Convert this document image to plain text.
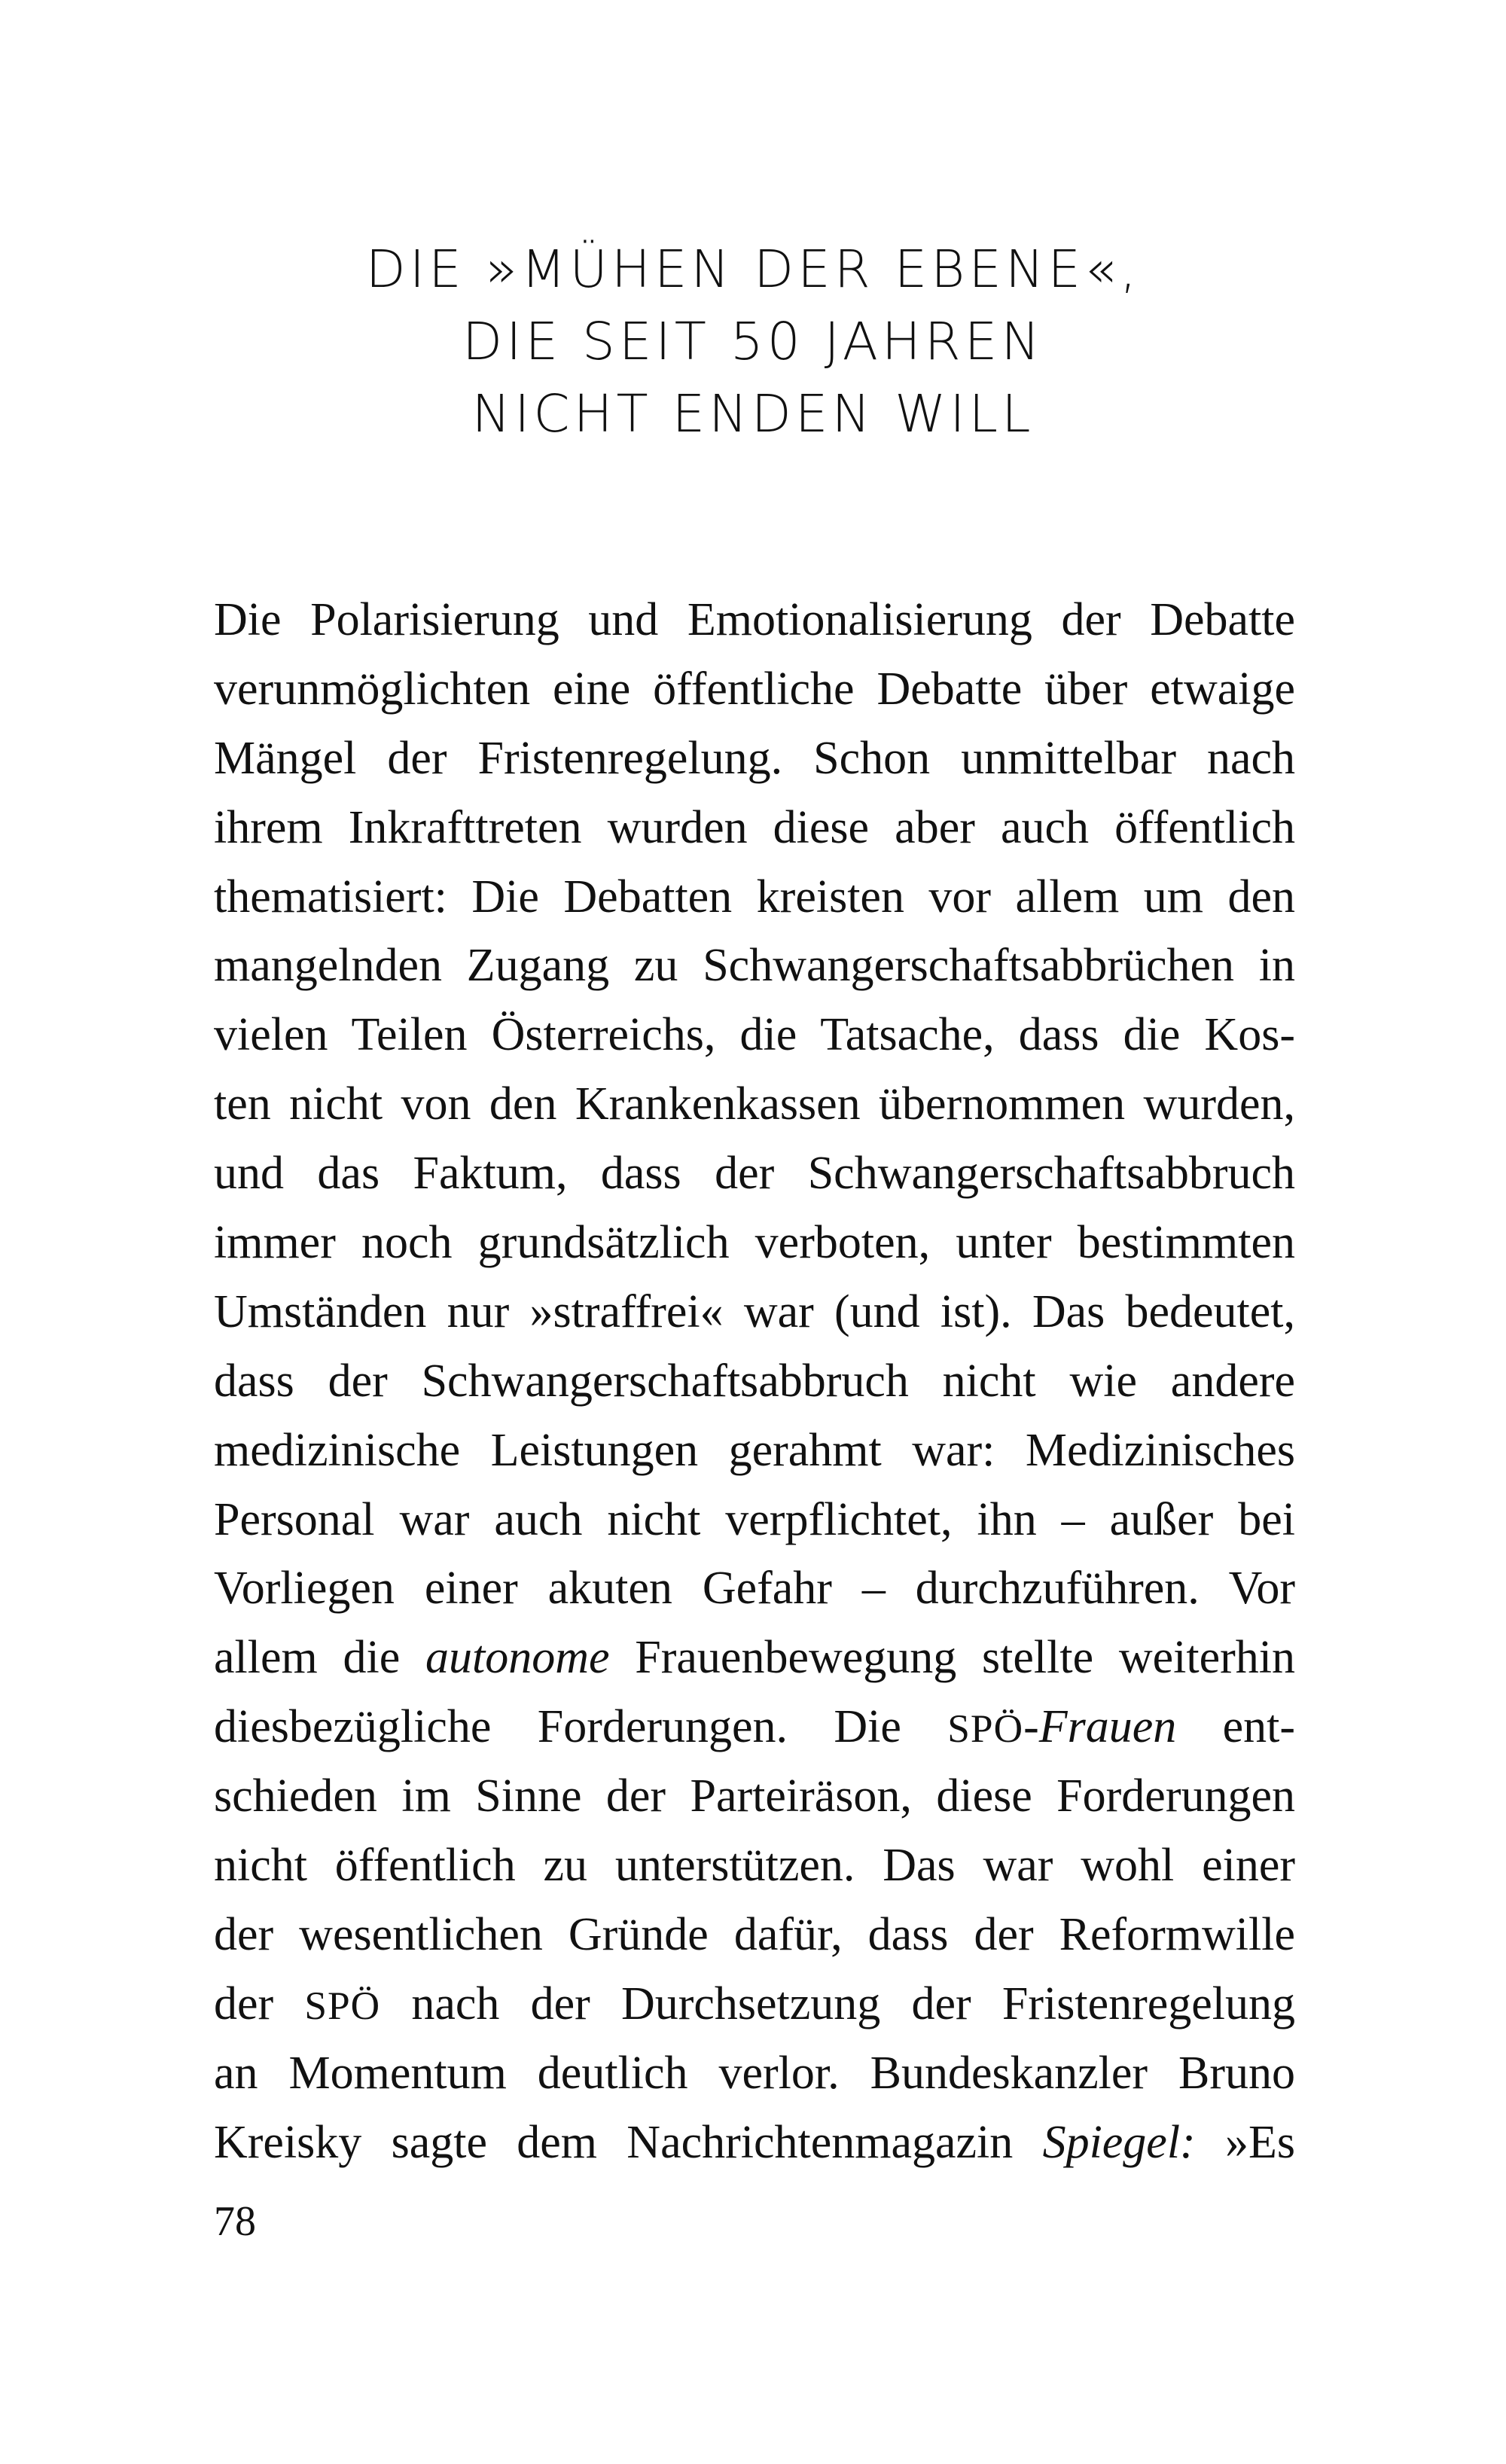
DIE »MÜHEN DER EBENE«,
DIE SEIT 50 JAHREN
NICHT ENDEN WILL
Die Polarisierung und Emotionalisierung der Debatte
verunmöglichten eine öffentliche Debatte über etwaige
Mängel der Fristenregelung. Schon unmittelbar nach
ihrem Inkrafttreten wurden diese aber auch öffentlich
thematisiert: Die Debatten kreisten vor allem um den
mangelnden Zugang zu Schwangerschaftsabbrüchen in
vielen Teilen Österreichs, die Tatsache, dass die Kos-
ten nicht von den Krankenkassen übernommen wurden,
und das Faktum, dass der Schwangerschaftsabbruch
immer noch grundsätzlich verboten, unter bestimmten
Umständen nur »straffrei« war (und ist). Das bedeutet,
dass der Schwangerschaftsabbruch nicht wie andere
medizinische Leistungen gerahmt war: Medizinisches
Personal war auch nicht verpflichtet, ihn – außer bei
Vorliegen einer akuten Gefahr – durchzuführen. Vor
allem die autonome Frauenbewegung stellte weiterhin
diesbezügliche Forderungen. Die SPÖ-Frauen ent-
schieden im Sinne der Parteiräson, diese Forderungen
nicht öffentlich zu unterstützen. Das war wohl einer
der wesentlichen Gründe dafür, dass der Reformwille
der SPÖ nach der Durchsetzung der Fristenregelung
an Momentum deutlich verlor. Bundeskanzler Bruno
Kreisky sagte dem Nachrichtenmagazin Spiegel: »Es
78
